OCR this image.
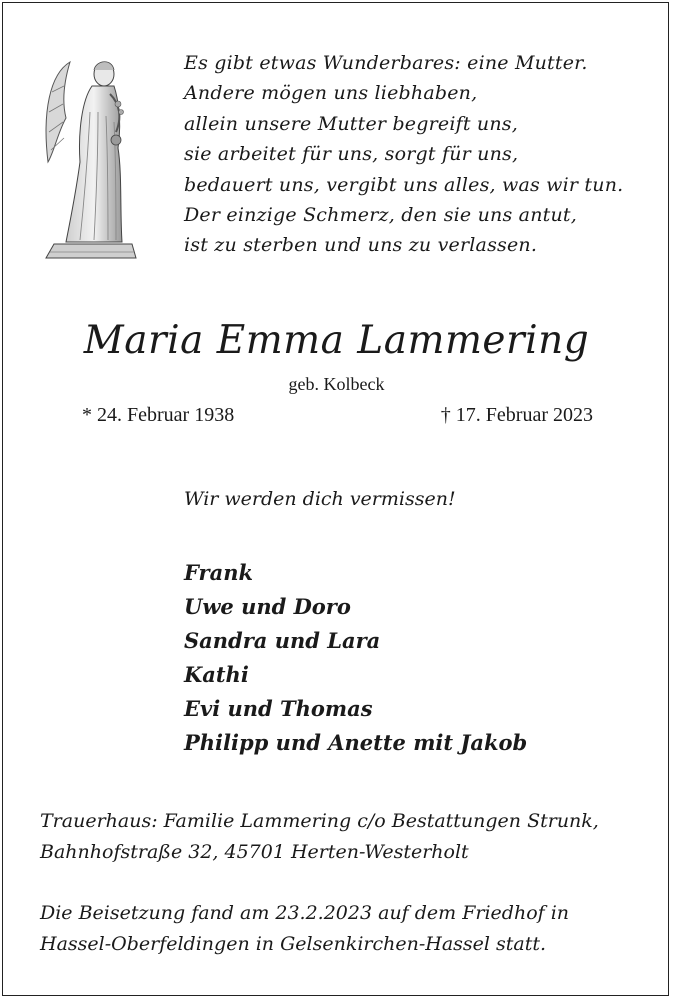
Es gibt etwas Wunderbares: eine Mutter.
Andere mögen uns liebhaben,
allein unsere Mutter begreift uns,
sie arbeitet für uns, sorgt für uns,
bedauert uns, vergibt uns alles, was wir tun.
Der einzige Schmerz, den sie uns antut,
ist zu sterben und uns zu verlassen.
Maria Emma Lammering
geb. Kolbeck
* 24. Februar 1938	† 17. Februar 2023
Wir werden dich vermissen!
Frank
Uwe und Doro
Sandra und Lara
Kathi
Evi und Thomas
Philipp und Anette mit Jakob
Trauerhaus: Familie Lammering c/o Bestattungen Strunk,
Bahnhofstraße 32, 45701 Herten-Westerholt
Die Beisetzung fand am 23.2.2023 auf dem Friedhof in
Hassel-Oberfeldingen in Gelsenkirchen-Hassel statt.
